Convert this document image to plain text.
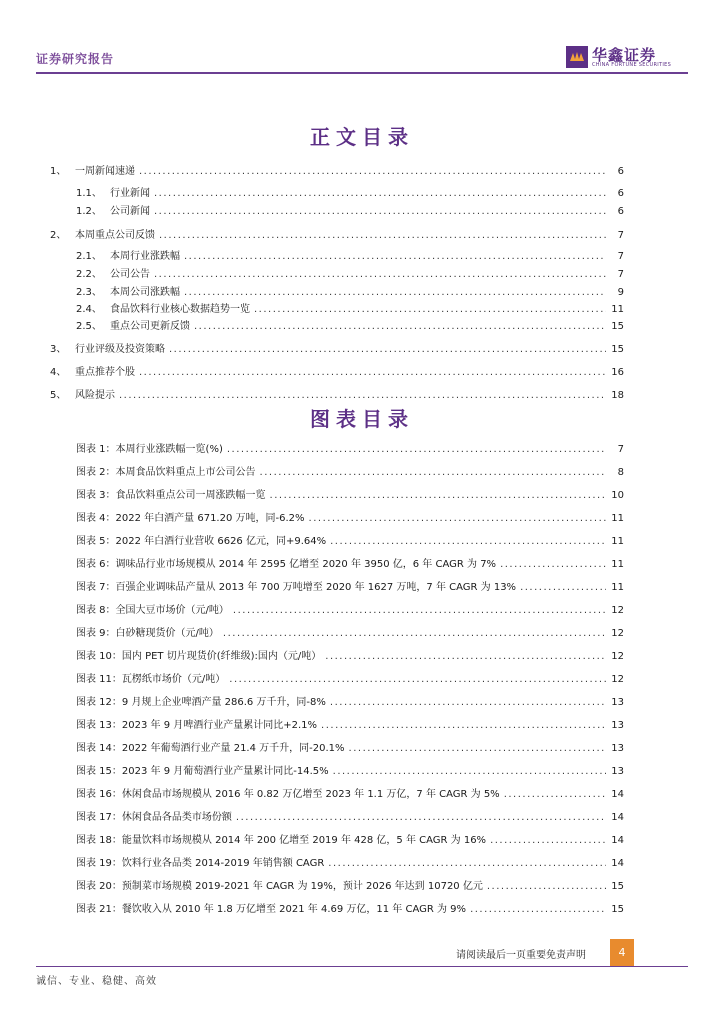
证券研究报告	华鑫证券
CHINA FORTUNE SECURITIES
正文目录
1、 一周新闻速递 .....	6
1.1、 行业新闻 .....	6
1.2、 公司新闻 .....	6
2、 本周重点公司反馈 .....	7
2.1、 本周行业涨跌幅 .....	7
2.2、 公司公告 .....	7
2.3、 本周公司涨跌幅 .....	9
2.4、 食品饮料行业核心数据趋势一览 .....	11
2.5、 重点公司更新反馈 .....	15
3、 行业评级及投资策略 .....	15
4、 重点推荐个股 .....	16
5、 风险提示 .....	18
图表目录
图表 1：本周行业涨跌幅一览(%) .....	7
图表 2：本周食品饮料重点上市公司公告 .....	8
图表 3：食品饮料重点公司一周涨跌幅一览 .....	10
图表 4：2022 年白酒产量 671.20 万吨，同-6.2% .....	11
图表 5：2022 年白酒行业营收 6626 亿元，同+9.64% .....	11
图表 6：调味品行业市场规模从 2014 年 2595 亿增至 2020 年 3950 亿，6 年 CAGR 为 7% .....	11
图表 7：百强企业调味品产量从 2013 年 700 万吨增至 2020 年 1627 万吨，7 年 CAGR 为 13% .....	11
图表 8：全国大豆市场价（元/吨） .....	12
图表 9：白砂糖现货价（元/吨） .....	12
图表 10：国内 PET 切片现货价(纤维级):国内（元/吨） .....	12
图表 11：瓦楞纸市场价（元/吨） .....	12
图表 12：9 月规上企业啤酒产量 286.6 万千升，同-8% .....	13
图表 13：2023 年 9 月啤酒行业产量累计同比+2.1% .....	13
图表 14：2022 年葡萄酒行业产量 21.4 万千升，同-20.1% .....	13
图表 15：2023 年 9 月葡萄酒行业产量累计同比-14.5% .....	13
图表 16：休闲食品市场规模从 2016 年 0.82 万亿增至 2023 年 1.1 万亿，7 年 CAGR 为 5% .....	14
图表 17：休闲食品各品类市场份额 .....	14
图表 18：能量饮料市场规模从 2014 年 200 亿增至 2019 年 428 亿，5 年 CAGR 为 16% .....	14
图表 19：饮料行业各品类 2014-2019 年销售额 CAGR .....	14
图表 20：预制菜市场规模 2019-2021 年 CAGR 为 19%，预计 2026 年达到 10720 亿元 .....	15
图表 21：餐饮收入从 2010 年 1.8 万亿增至 2021 年 4.69 万亿，11 年 CAGR 为 9% .....	15
请阅读最后一页重要免责声明	4
诚信、专业、稳健、高效
